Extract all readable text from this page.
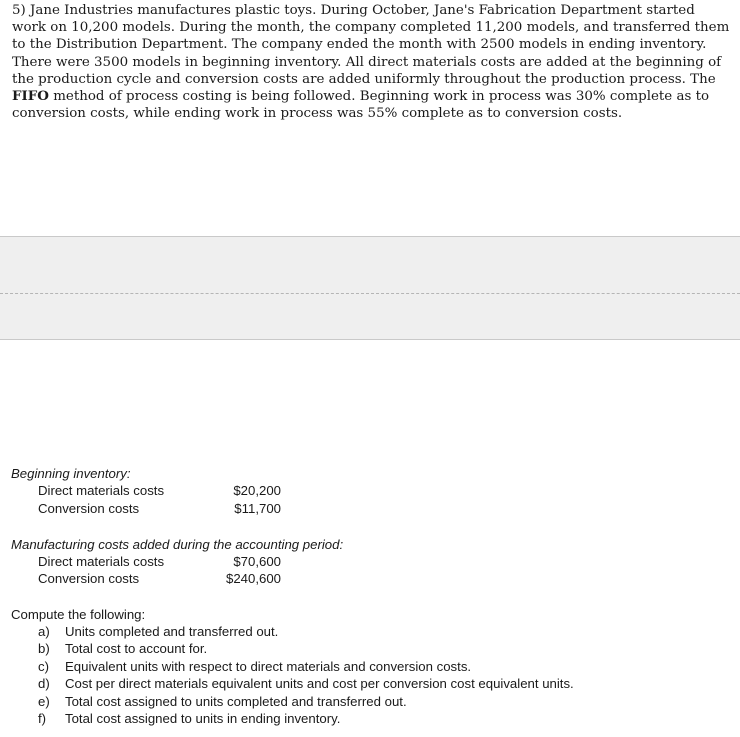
5) Jane Industries manufactures plastic toys. During October, Jane's Fabrication Department started work on 10,200 models. During the month, the company completed 11,200 models, and transferred them to the Distribution Department. The company ended the month with 2500 models in ending inventory. There were 3500 models in beginning inventory. All direct materials costs are added at the beginning of the production cycle and conversion costs are added uniformly throughout the production process. The FIFO method of process costing is being followed. Beginning work in process was 30% complete as to conversion costs, while ending work in process was 55% complete as to conversion costs.
Beginning inventory:
Direct materials costs	$20,200
Conversion costs	$11,700
Manufacturing costs added during the accounting period:
Direct materials costs	$70,600
Conversion costs	$240,600
Compute the following:
a) Units completed and transferred out.
b) Total cost to account for.
c) Equivalent units with respect to direct materials and conversion costs.
d) Cost per direct materials equivalent units and cost per conversion cost equivalent units.
e) Total cost assigned to units completed and transferred out.
f) Total cost assigned to units in ending inventory.
